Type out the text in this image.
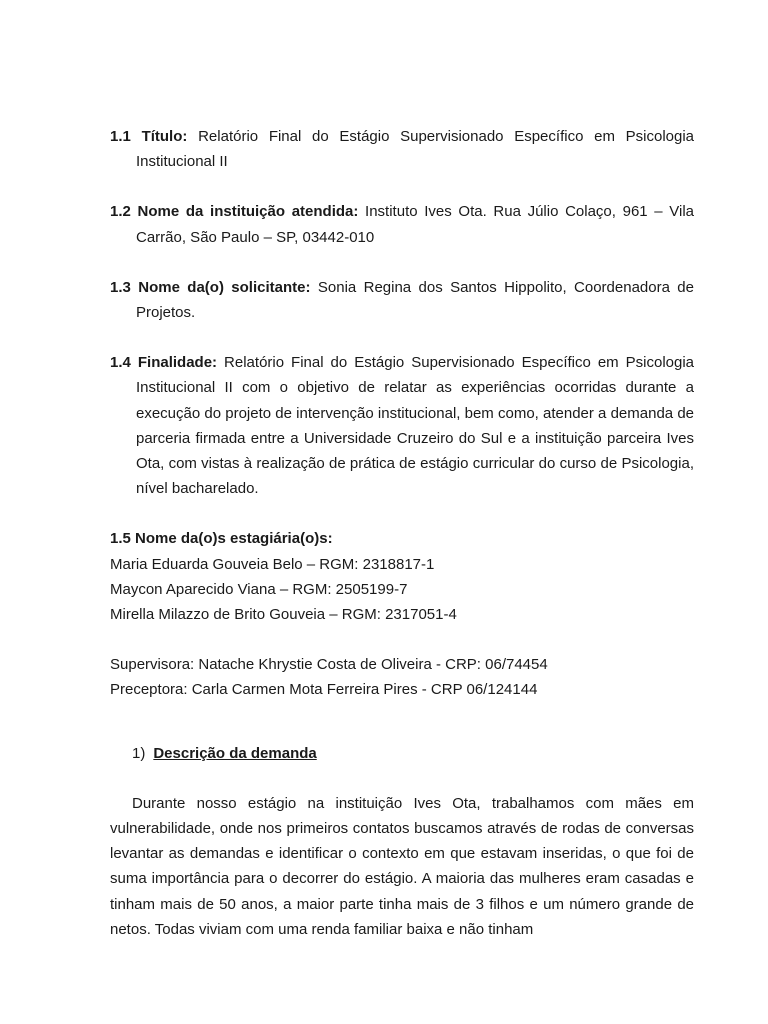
1.1 Título: Relatório Final do Estágio Supervisionado Específico em Psicologia
Institucional II
1.2 Nome da instituição atendida: Instituto Ives Ota. Rua Júlio Colaço, 961 – Vila
Carrão, São Paulo – SP, 03442-010
1.3 Nome da(o) solicitante: Sonia Regina dos Santos Hippolito, Coordenadora de
Projetos.
1.4 Finalidade: Relatório Final do Estágio Supervisionado Específico em Psicologia
Institucional II com o objetivo de relatar as experiências ocorridas durante a execução do projeto de intervenção institucional, bem como, atender a demanda de parceria firmada entre a Universidade Cruzeiro do Sul e a instituição parceira Ives Ota, com vistas à realização de prática de estágio curricular do curso de Psicologia, nível bacharelado.

1.5 Nome da(o)s estagiária(o)s:

Maria Eduarda Gouveia Belo – RGM: 2318817-1

Maycon Aparecido Viana – RGM: 2505199-7

Mirella Milazzo de Brito Gouveia – RGM: 2317051-4

Supervisora: Natache Khrystie Costa de Oliveira - CRP: 06/74454

Preceptora: Carla Carmen Mota Ferreira Pires - CRP 06/124144

1) Descrição da demanda

Durante nosso estágio na instituição Ives Ota, trabalhamos com mães em vulnerabilidade, onde nos primeiros contatos buscamos através de rodas de conversas levantar as demandas e identificar o contexto em que estavam inseridas, o que foi de suma importância para o decorrer do estágio. A maioria das mulheres eram casadas e tinham mais de 50 anos, a maior parte tinha mais de 3 filhos e um número grande de netos. Todas viviam com uma renda familiar baixa e não tinham
